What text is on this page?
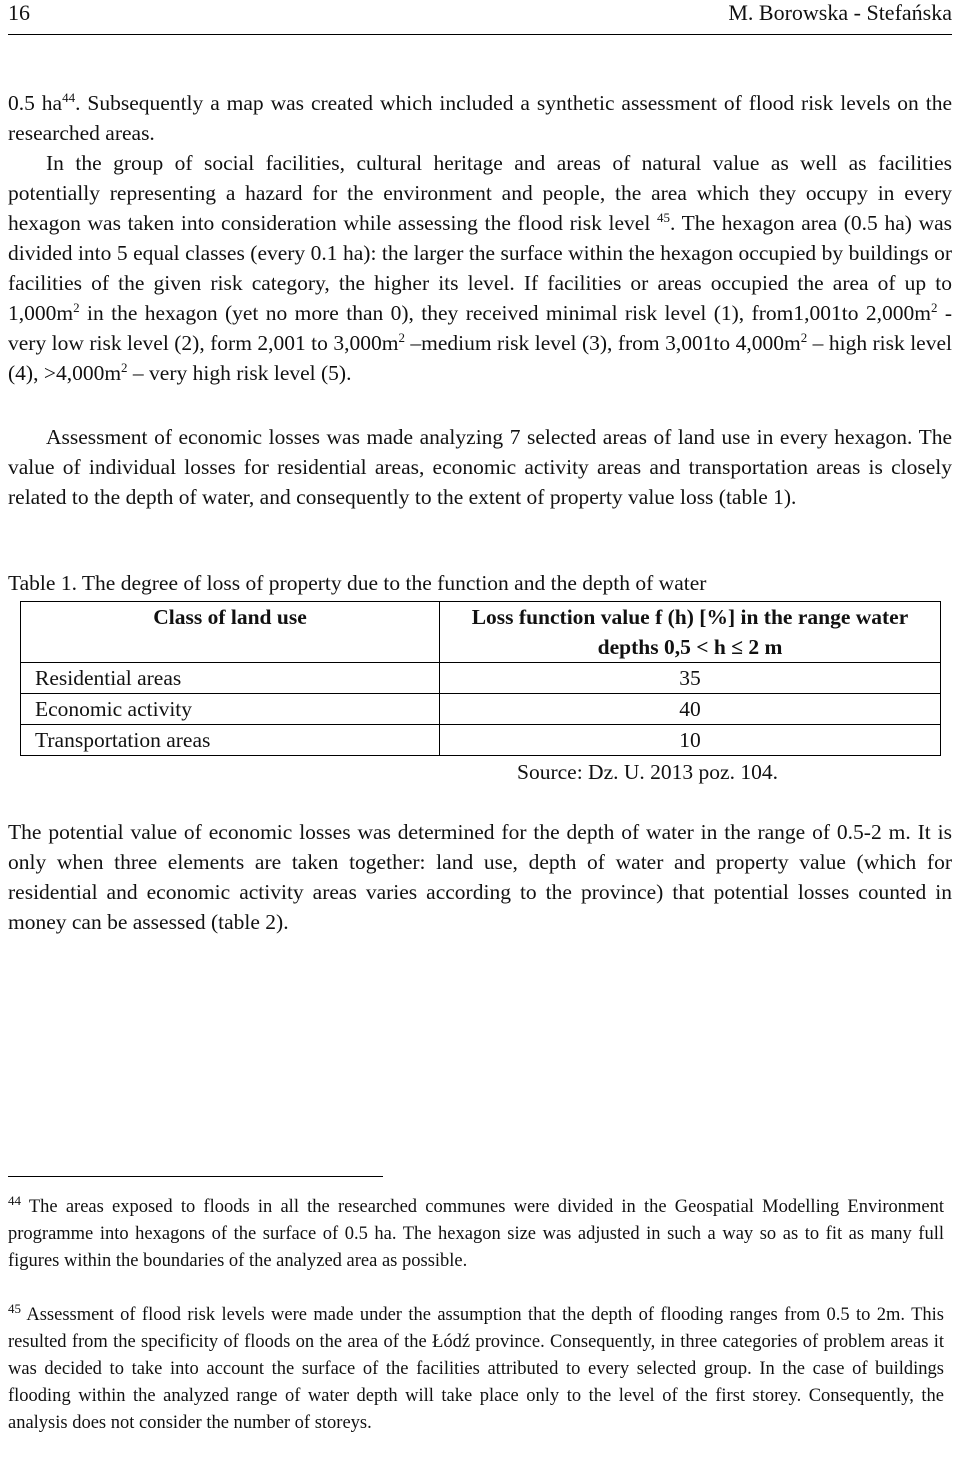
16	M. Borowska - Stefańska

0.5 $ha^{44}$. Subsequently a map was created which included a synthetic assessment of flood risk levels on the researched areas.

In the group of social facilities, cultural heritage and areas of natural value as well as facilities potentially representing a hazard for the environment and people, the area which they occupy in every hexagon was taken into consideration while assessing the flood risk level $^{45}$. The hexagon area (0.5 ha) was divided into 5 equal classes (every 0.1 ha): the larger the surface within the hexagon occupied by buildings or facilities of the given risk category, the higher its level. If facilities or areas occupied the area of up to $1,000m^2$ in the hexagon (yet no more than 0), they received minimal risk level (1), from1,001to $2,000m^2$ - very low risk level (2), form 2,001 to $3,000m^2$ –medium risk level (3), from 3,001to $4,000m^2$ – high risk level (4), $>4,000m^2$ – very high risk level (5).

Assessment of economic losses was made analyzing 7 selected areas of land use in every hexagon. The value of individual losses for residential areas, economic activity areas and transportation areas is closely related to the depth of water, and consequently to the extent of property value loss (table 1).

Table 1. The degree of loss of property due to the function and the depth of water
Class of land use	Loss function value f (h) [%] in the range water depths 0,5 < h ≤ 2 m
Residential areas	35
Economic activity	40
Transportation areas	10
Source: Dz. U. 2013 poz. 104.

The potential value of economic losses was determined for the depth of water in the range of 0.5-2 m. It is only when three elements are taken together: land use, depth of water and property value (which for residential and economic activity areas varies according to the province) that potential losses counted in money can be assessed (table 2).

$^{44}$ The areas exposed to floods in all the researched communes were divided in the Geospatial Modelling Environment programme into hexagons of the surface of 0.5 ha. The hexagon size was adjusted in such a way so as to fit as many full figures within the boundaries of the analyzed area as possible.

$^{45}$ Assessment of flood risk levels were made under the assumption that the depth of flooding ranges from 0.5 to 2m. This resulted from the specificity of floods on the area of the Łódź province. Consequently, in three categories of problem areas it was decided to take into account the surface of the facilities attributed to every selected group. In the case of buildings flooding within the analyzed range of water depth will take place only to the level of the first storey. Consequently, the analysis does not consider the number of storeys.
